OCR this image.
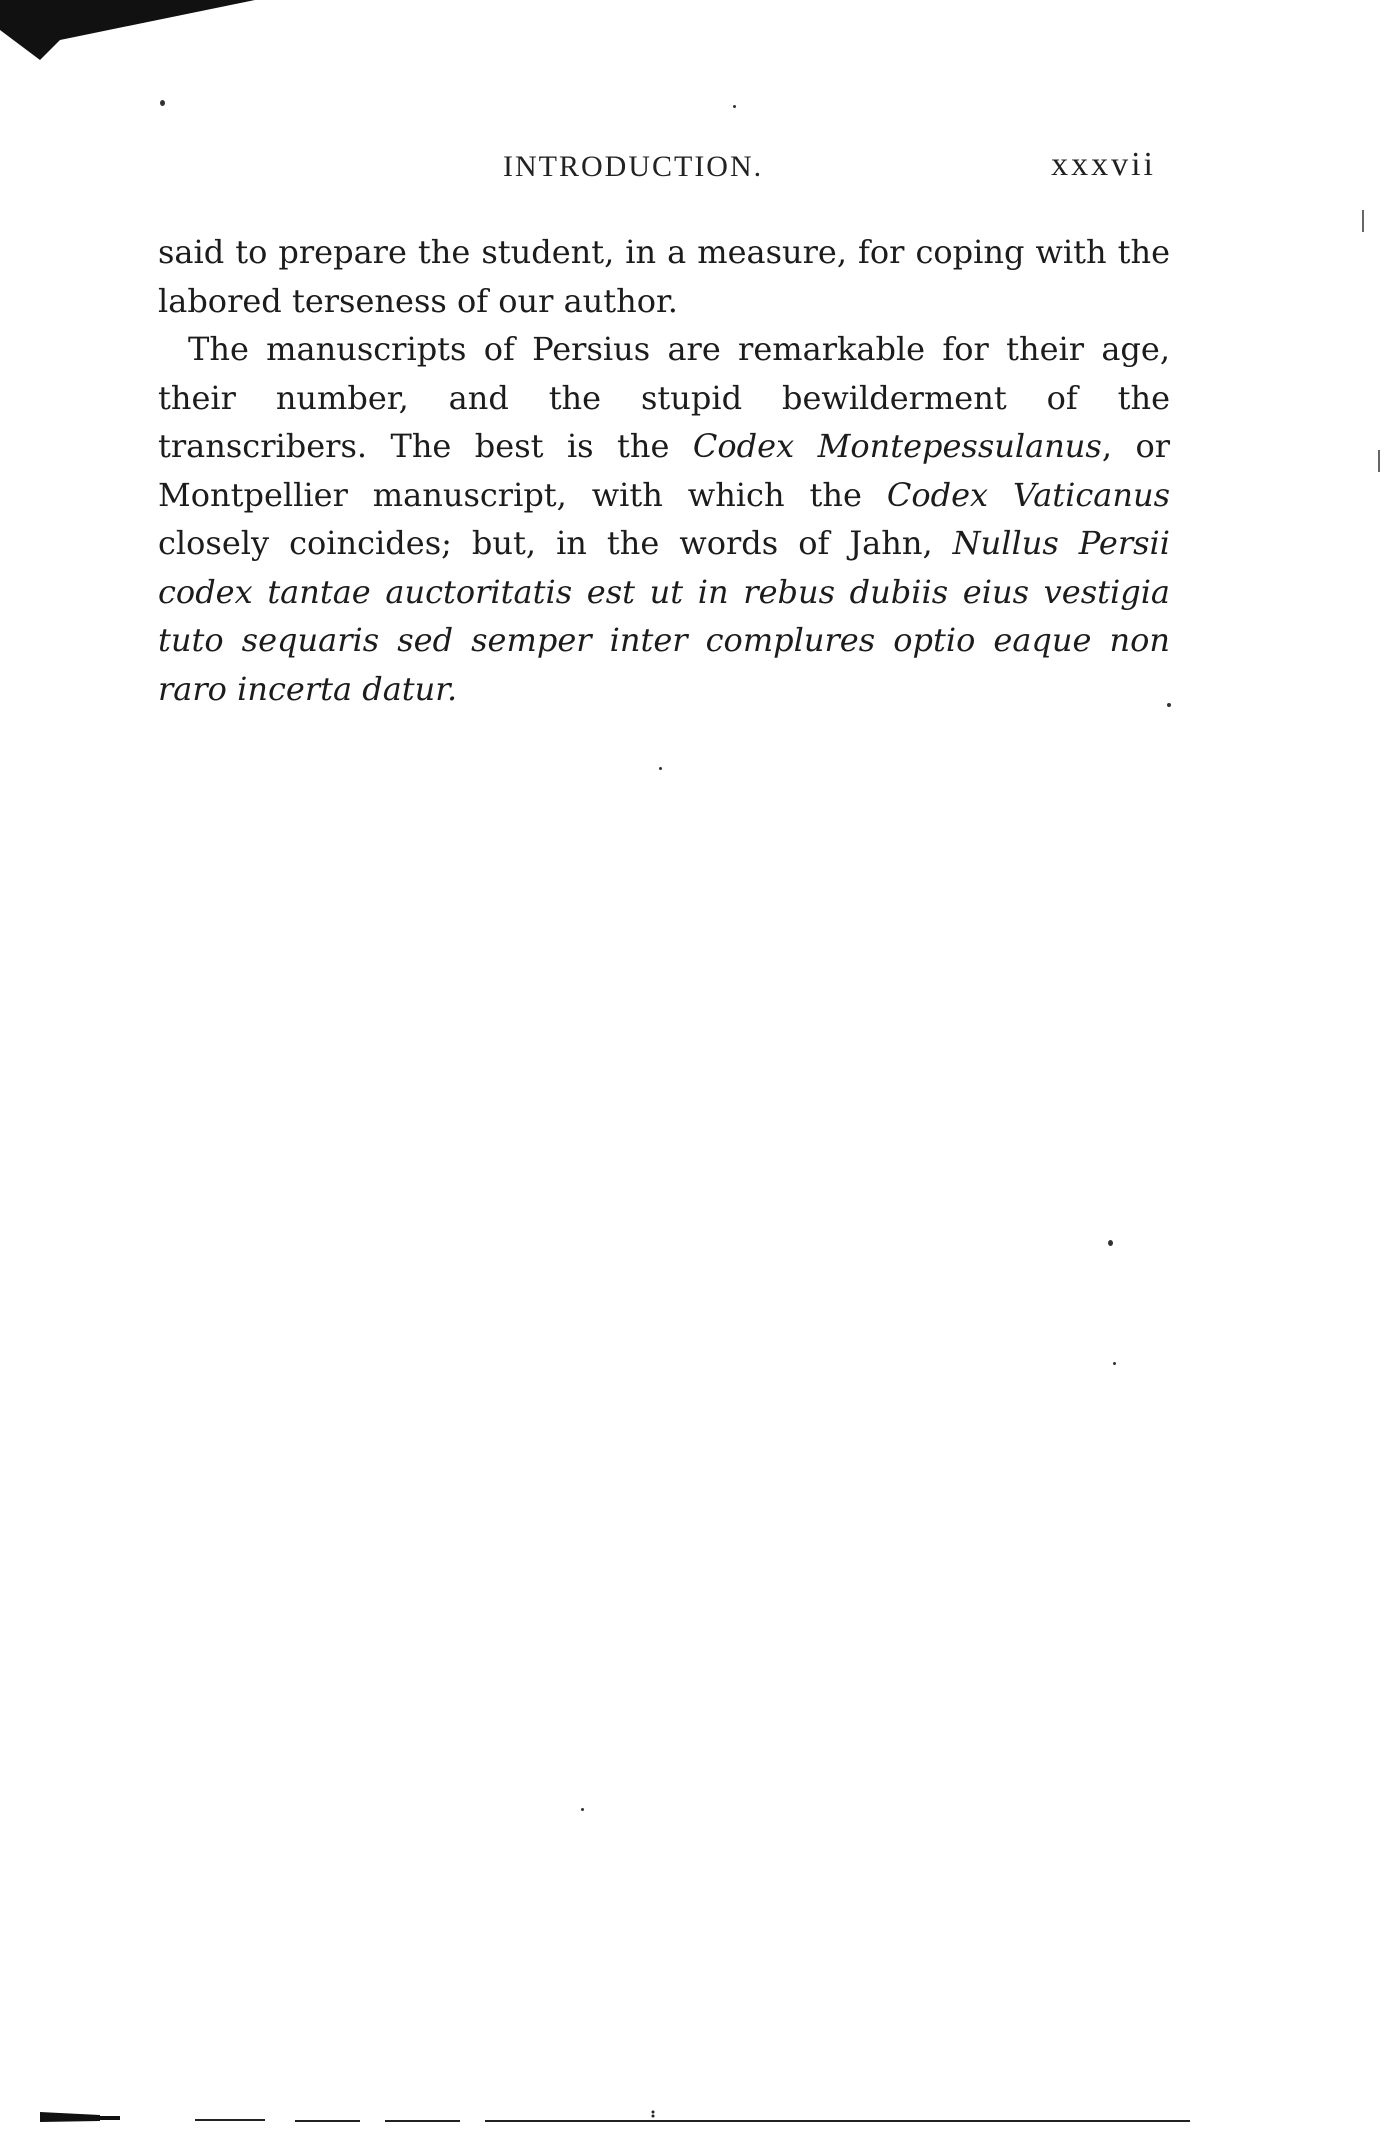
INTRODUCTION.	xxxvii

said to prepare the student, in a measure, for coping with the labored terseness of our author.

The manuscripts of Persius are remarkable for their age, their number, and the stupid bewilderment of the transcribers. The best is the Codex Montepessulanus, or Montpellier manuscript, with which the Codex Vaticanus closely coincides; but, in the words of Jahn, Nullus Persii codex tantae auctoritatis est ut in rebus dubiis eius vestigia tuto sequaris sed semper inter complures optio eaque non raro incerta datur.
